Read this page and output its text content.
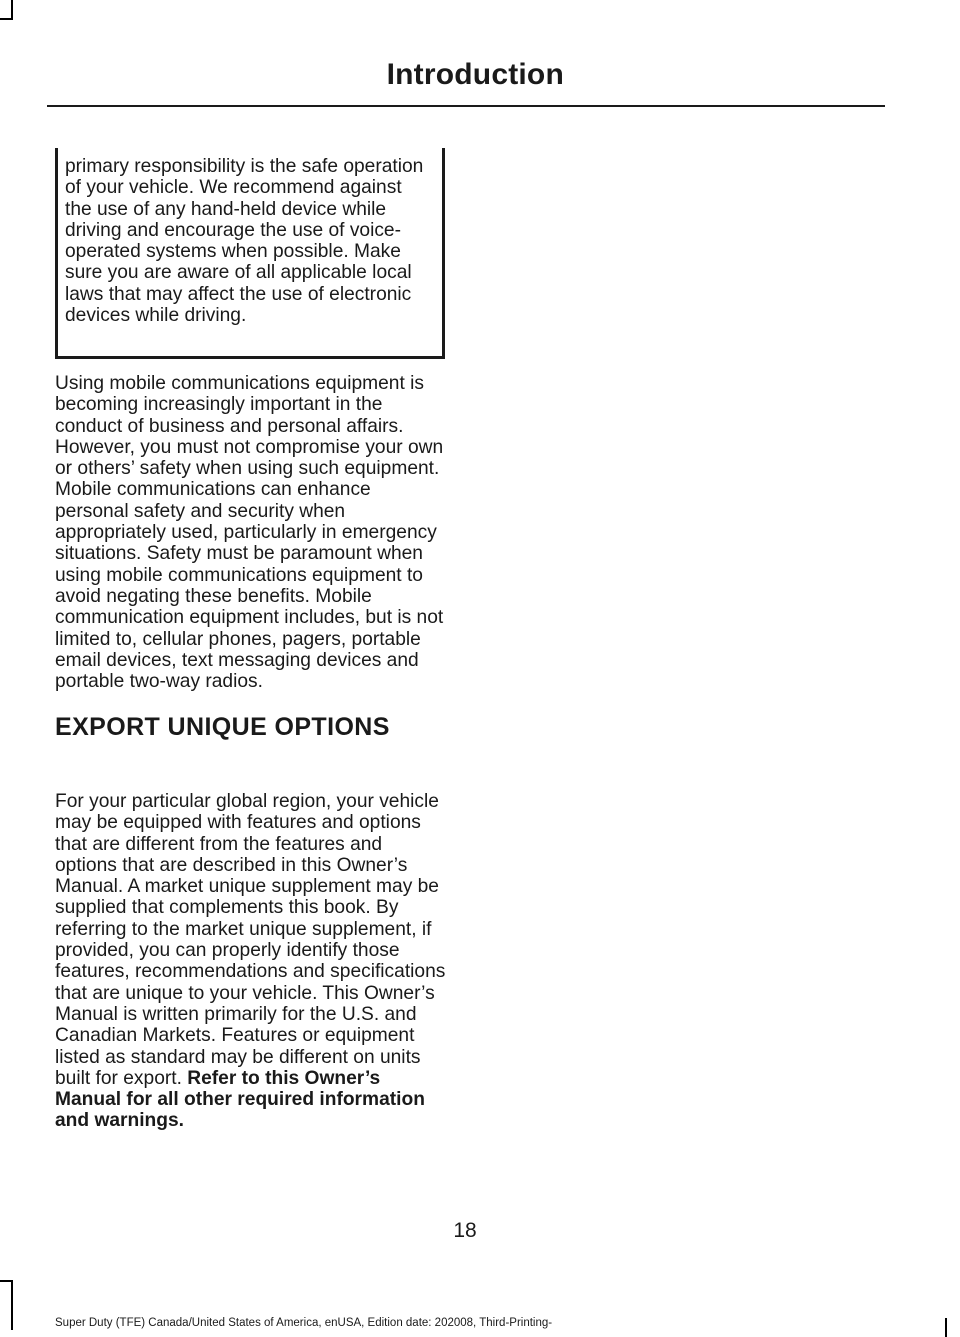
Introduction

primary responsibility is the safe operation of your vehicle. We recommend against the use of any hand-held device while driving and encourage the use of voice-operated systems when possible. Make sure you are aware of all applicable local laws that may affect the use of electronic devices while driving.

Using mobile communications equipment is becoming increasingly important in the conduct of business and personal affairs. However, you must not compromise your own or others’ safety when using such equipment. Mobile communications can enhance personal safety and security when appropriately used, particularly in emergency situations. Safety must be paramount when using mobile communications equipment to avoid negating these benefits. Mobile communication equipment includes, but is not limited to, cellular phones, pagers, portable email devices, text messaging devices and portable two-way radios.

EXPORT UNIQUE OPTIONS

For your particular global region, your vehicle may be equipped with features and options that are different from the features and options that are described in this Owner’s Manual. A market unique supplement may be supplied that complements this book. By referring to the market unique supplement, if provided, you can properly identify those features, recommendations and specifications that are unique to your vehicle. This Owner’s Manual is written primarily for the U.S. and Canadian Markets. Features or equipment listed as standard may be different on units built for export. Refer to this Owner’s Manual for all other required information and warnings.

18
Super Duty (TFE) Canada/United States of America, enUSA, Edition date: 202008, Third-Printing-
